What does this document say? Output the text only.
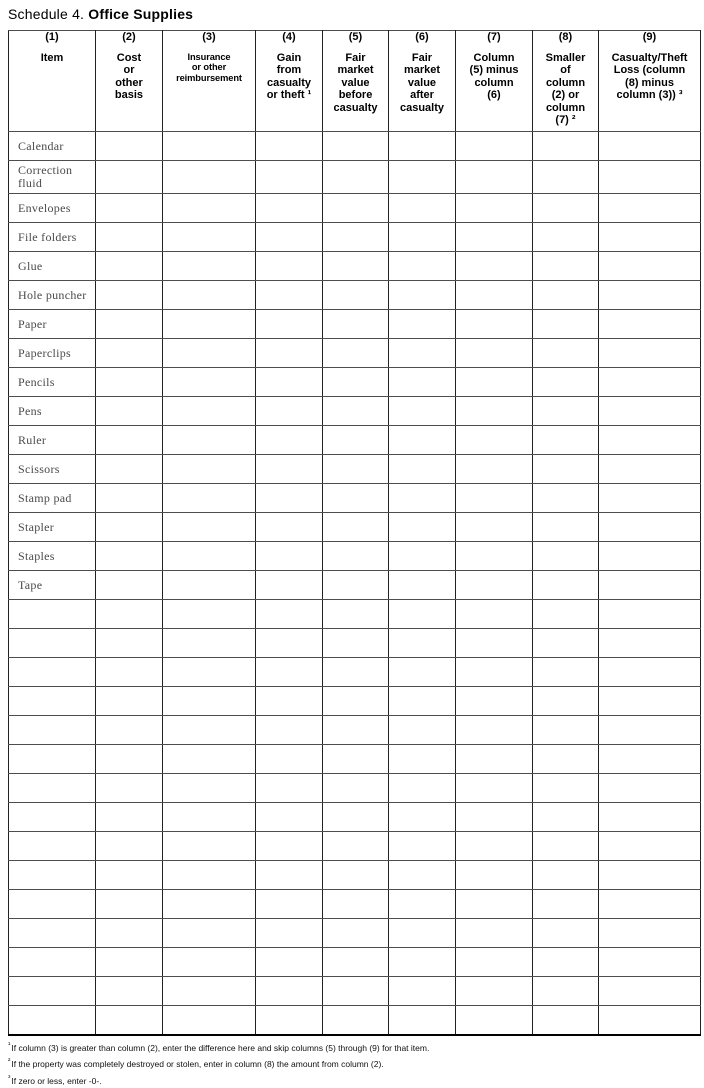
Schedule 4. Office Supplies
(1)
Item

(2)
Cost
or
other
basis

(3)
Insurance
or other
reimbursement

(4)
Gain
from
casualty
or theft ¹

(5)
Fair
market
value
before
casualty

(6)
Fair
market
value
after
casualty

(7)
Column
(5) minus
column
(6)

(8)
Smaller
of
column
(2) or
column
(7) ²

(9)
Casualty/Theft
Loss (column
(8) minus
column (3)) ³

Calendar								
Correction fluid								
Envelopes								
File folders								
Glue								
Hole puncher								
Paper								
Paperclips								
Pencils								
Pens								
Ruler								
Scissors								
Stamp pad								
Stapler								
Staples								
Tape								

$^{^1}$If column (3) is greater than column (2), enter the difference here and skip columns (5) through (9) for that item.
$^{^2}$If the property was completely destroyed or stolen, enter in column (8) the amount from column (2).
$^{^3}$If zero or less, enter -0-.
